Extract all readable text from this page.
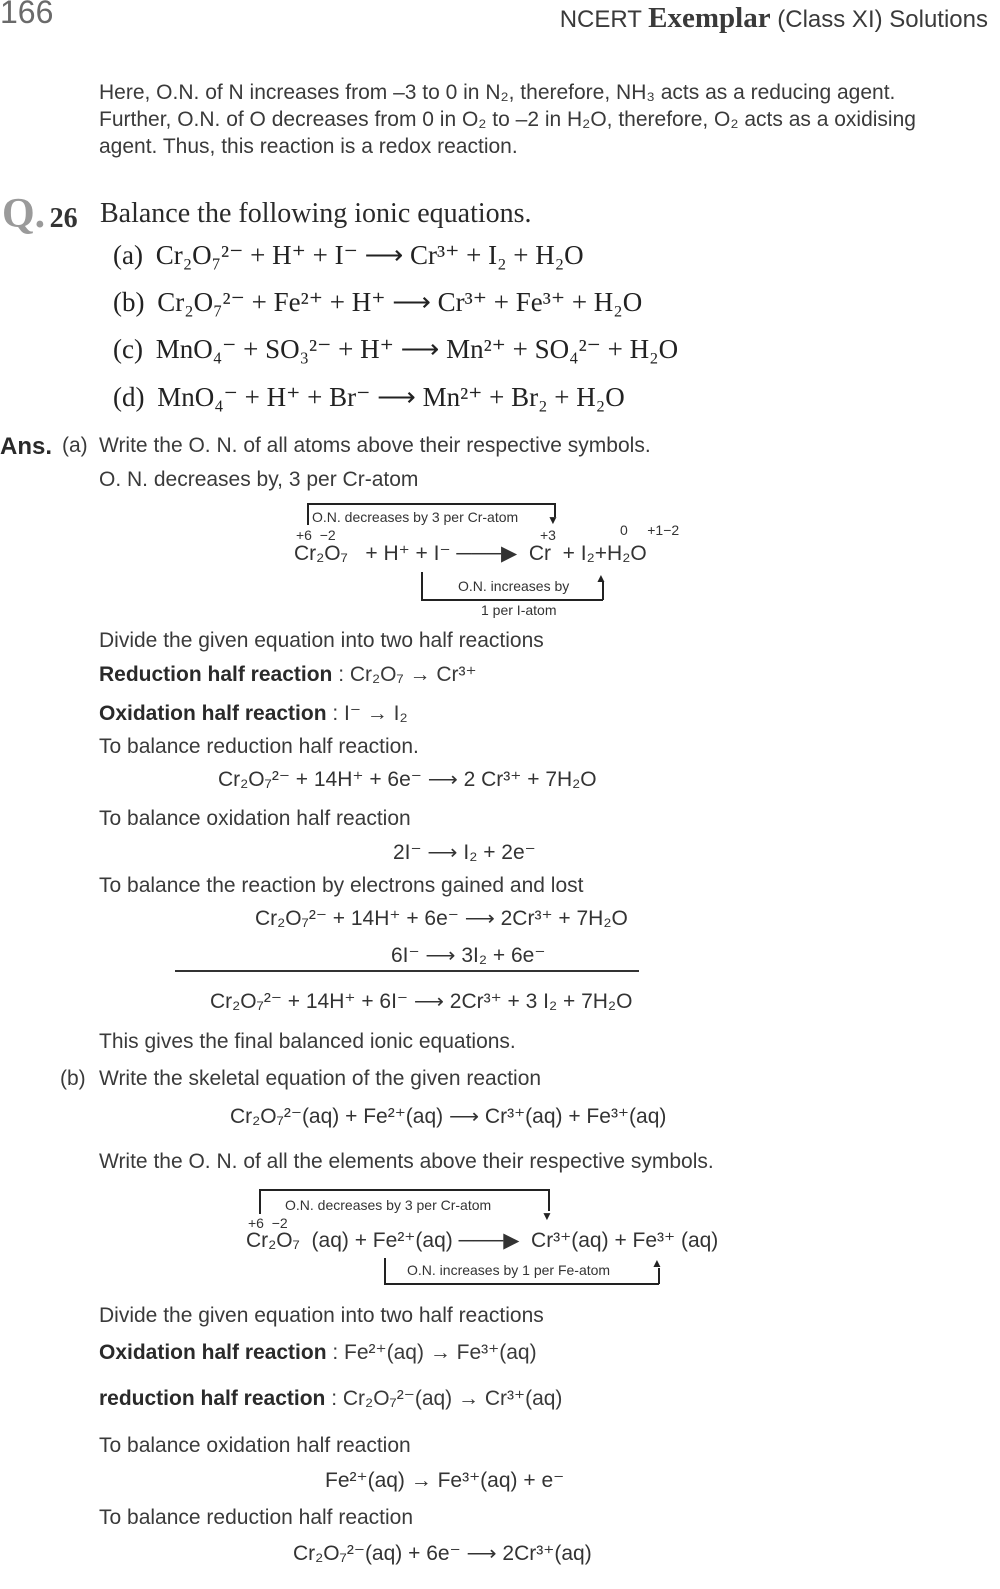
166	NCERT Exemplar (Class XI) Solutions
Here, O.N. of N increases from –3 to 0 in N₂, therefore, NH₃ acts as a reducing agent.
Further, O.N. of O decreases from 0 in O₂ to –2 in H₂O, therefore, O₂ acts as a oxidising
agent. Thus, this reaction is a redox reaction.
Q. 26 Balance the following ionic equations.
(a) Cr₂O₇²⁻ + H⁺ + I⁻ ⟶ Cr³⁺ + I₂ + H₂O
(b) Cr₂O₇²⁻ + Fe²⁺ + H⁺ ⟶ Cr³⁺ + Fe³⁺ + H₂O
(c) MnO₄⁻ + SO₃²⁻ + H⁺ ⟶ Mn²⁺ + SO₄²⁻ + H₂O
(d) MnO₄⁻ + H⁺ + Br⁻ ⟶ Mn²⁺ + Br₂ + H₂O
Ans. (a) Write the O. N. of all atoms above their respective symbols.
O. N. decreases by, 3 per Cr-atom
▼
O.N. decreases by 3 per Cr-atom
+6  −2	+3	0     +1−2
Cr₂O₇   + H⁺ + I⁻ ───▶  Cr  + I₂+H₂O
▲
O.N. increases by
1 per I-atom
Divide the given equation into two half reactions
Reduction half reaction : Cr₂O₇ → Cr³⁺
Oxidation half reaction : I⁻ → I₂
To balance reduction half reaction.
Cr₂O₇²⁻ + 14H⁺ + 6e⁻ ⟶ 2 Cr³⁺ + 7H₂O
To balance oxidation half reaction
2I⁻ ⟶ I₂ + 2e⁻
To balance the reaction by electrons gained and lost
Cr₂O₇²⁻ + 14H⁺ + 6e⁻ ⟶ 2Cr³⁺ + 7H₂O
6I⁻ ⟶ 3I₂ + 6e⁻
Cr₂O₇²⁻ + 14H⁺ + 6I⁻ ⟶ 2Cr³⁺ + 3 I₂ + 7H₂O
This gives the final balanced ionic equations.
(b) Write the skeletal equation of the given reaction
Cr₂O₇²⁻(aq) + Fe²⁺(aq) ⟶ Cr³⁺(aq) + Fe³⁺(aq)
Write the O. N. of all the elements above their respective symbols.
▼
O.N. decreases by 3 per Cr-atom
+6  −2
Cr₂O₇  (aq) + Fe²⁺(aq) ───▶  Cr³⁺(aq) + Fe³⁺ (aq)
▲
O.N. increases by 1 per Fe-atom
Divide the given equation into two half reactions
Oxidation half reaction : Fe²⁺(aq) → Fe³⁺(aq)
reduction half reaction : Cr₂O₇²⁻(aq) → Cr³⁺(aq)
To balance oxidation half reaction
Fe²⁺(aq) → Fe³⁺(aq) + e⁻
To balance reduction half reaction
Cr₂O₇²⁻(aq) + 6e⁻ ⟶ 2Cr³⁺(aq)
